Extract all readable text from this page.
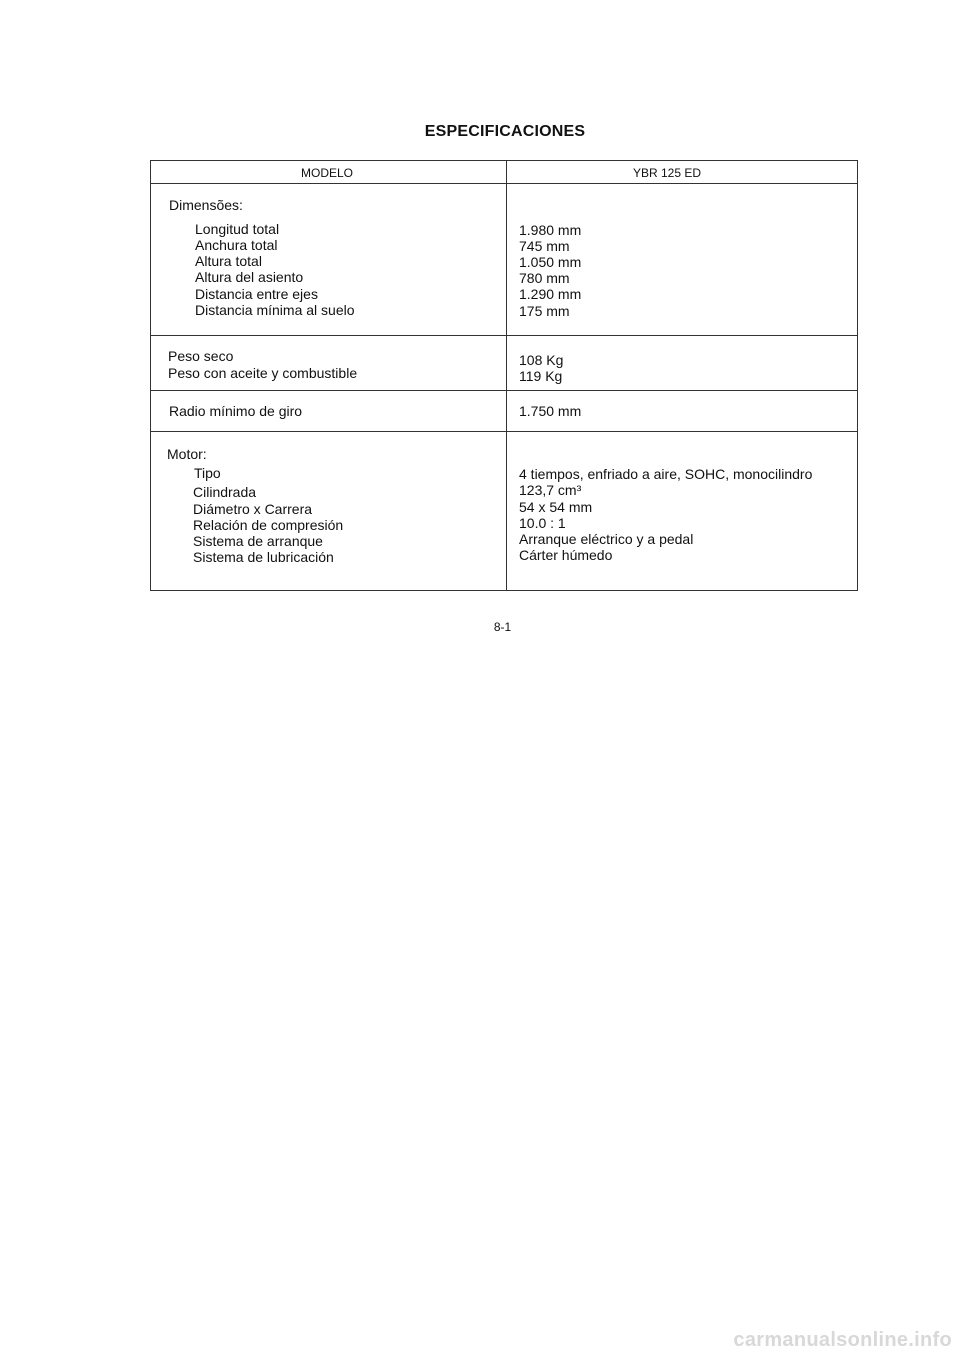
ESPECIFICACIONES
MODELO	YBR 125 ED
Dimensões:
Longitud total
Anchura total
Altura total
Altura del asiento
Distancia entre ejes
Distancia mínima al suelo
1.980 mm
745 mm
1.050 mm
780 mm
1.290 mm
175 mm
Peso seco
Peso con aceite y combustible
108 Kg
119 Kg
Radio mínimo de giro	1.750 mm
Motor:
Tipo
Cilindrada
Diámetro x Carrera
Relación de compresión
Sistema de arranque
Sistema de lubricación
4 tiempos, enfriado a aire, SOHC, monocilindro
123,7 cm³
54 x 54 mm
10.0 : 1
Arranque eléctrico y a pedal
Cárter húmedo
8-1
carmanualsonline.info
